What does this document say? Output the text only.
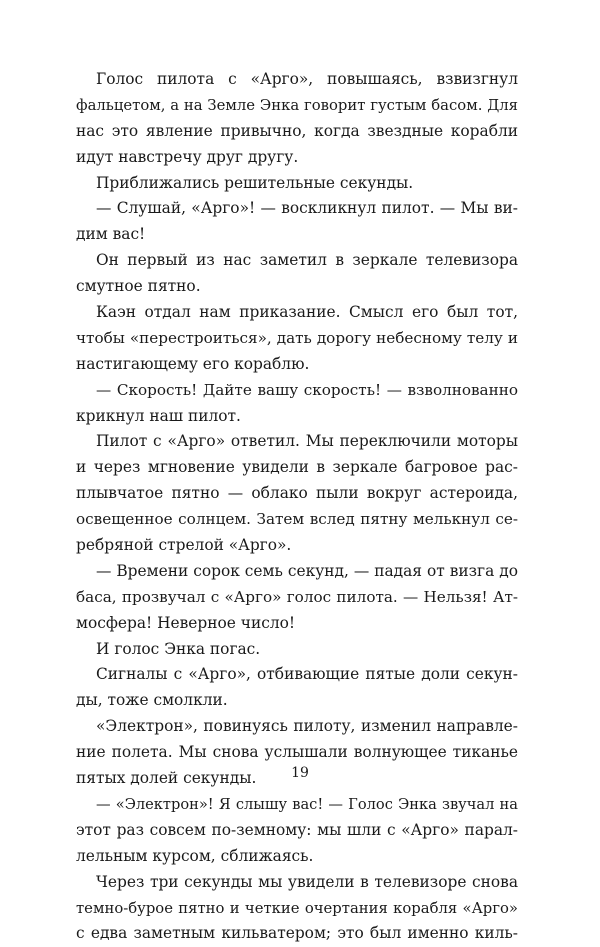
Голос пилота с «Арго», повышаясь, взвизгнул
фальцетом, а на Земле Энка говорит густым басом. Для
нас это явление привычно, когда звездные корабли
идут навстречу друг другу.
Приближались решительные секунды.
— Слушай, «Арго»! — воскликнул пилот. — Мы ви-
дим вас!
Он первый из нас заметил в зеркале телевизора
смутное пятно.
Каэн отдал нам приказание. Смысл его был тот,
чтобы «перестроиться», дать дорогу небесному телу и
настигающему его кораблю.
— Скорость! Дайте вашу скорость! — взволнованно
крикнул наш пилот.
Пилот с «Арго» ответил. Мы переключили моторы
и через мгновение увидели в зеркале багровое рас-
плывчатое пятно — облако пыли вокруг астероида,
освещенное солнцем. Затем вслед пятну мелькнул се-
ребряной стрелой «Арго».
— Времени сорок семь секунд, — падая от визга до
баса, прозвучал с «Арго» голос пилота. — Нельзя! Ат-
мосфера! Неверное число!
И голос Энка погас.
Сигналы с «Арго», отбивающие пятые доли секун-
ды, тоже смолкли.
«Электрон», повинуясь пилоту, изменил направле-
ние полета. Мы снова услышали волнующее тиканье
пятых долей секунды.
— «Электрон»! Я слышу вас! — Голос Энка звучал на
этот раз совсем по-земному: мы шли с «Арго» парал-
лельным курсом, сближаясь.
Через три секунды мы увидели в телевизоре снова
темно-бурое пятно и четкие очертания корабля «Арго»
с едва заметным кильватером; это был именно киль-
19
